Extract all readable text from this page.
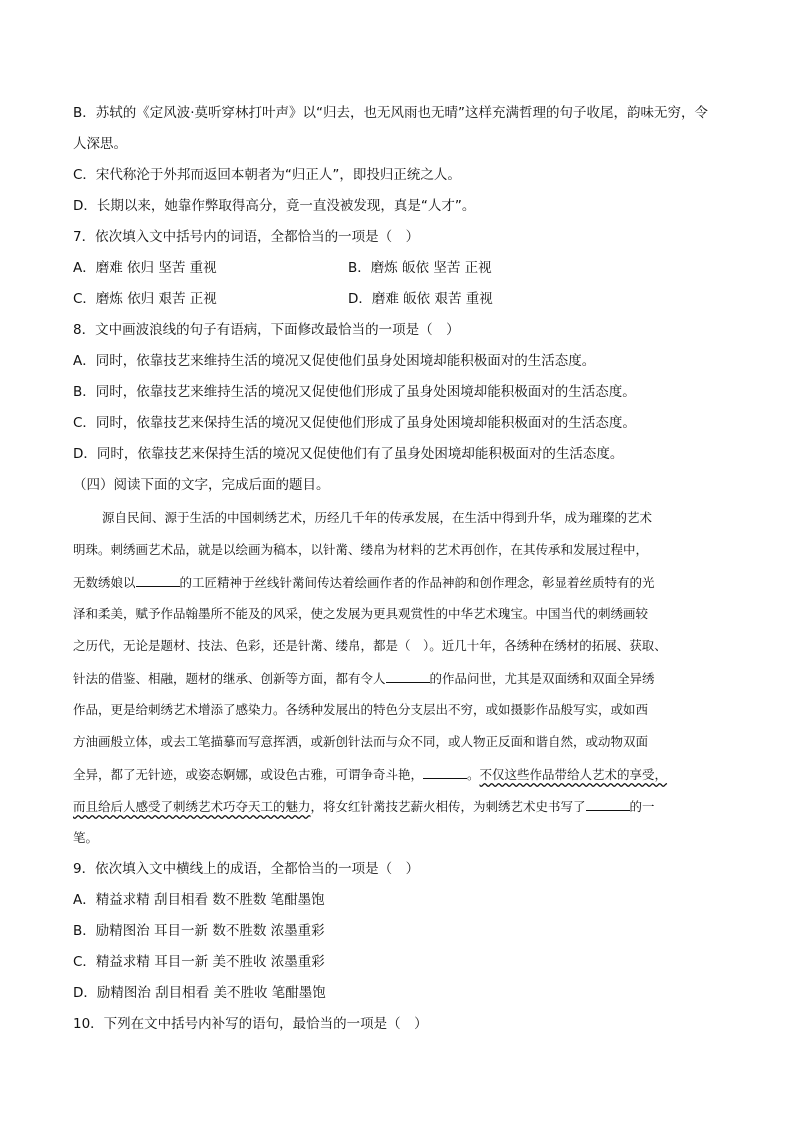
B．苏轼的《定风波·莫听穿林打叶声》以“归去，也无风雨也无晴”这样充满哲理的句子收尾，韵味无穷，令
人深思。
C．宋代称沦于外邦而返回本朝者为“归正人”，即投归正统之人。
D．长期以来，她靠作弊取得高分，竟一直没被发现，真是“人才”。
7．依次填入文中括号内的词语，全都恰当的一项是（　）
A．磨难 依归 坚苦 重视	B．磨炼 皈依 坚苦 正视
C．磨炼 依归 艰苦 正视	D．磨难 皈依 艰苦 重视
8．文中画波浪线的句子有语病，下面修改最恰当的一项是（　）
A．同时，依靠技艺来维持生活的境况又促使他们虽身处困境却能积极面对的生活态度。
B．同时，依靠技艺来维持生活的境况又促使他们形成了虽身处困境却能积极面对的生活态度。
C．同时，依靠技艺来保持生活的境况又促使他们形成了虽身处困境却能积极面对的生活态度。
D．同时，依靠技艺来保持生活的境况又促使他们有了虽身处困境却能积极面对的生活态度。
（四）阅读下面的文字，完成后面的题目。
源自民间、源于生活的中国刺绣艺术，历经几千年的传承发展，在生活中得到升华，成为璀璨的艺术
明珠。刺绣画艺术品，就是以绘画为稿本，以针黹、缕帛为材料的艺术再创作，在其传承和发展过程中，
无数绣娘以	的工匠精神于丝线针黹间传达着绘画作者的作品神韵和创作理念，彰显着丝质特有的光
泽和柔美，赋予作品翰墨所不能及的风采，使之发展为更具观赏性的中华艺术瑰宝。中国当代的刺绣画较
之历代，无论是题材、技法、色彩，还是针黹、缕帛，都是（　）。近几十年，各绣种在绣材的拓展、获取、
针法的借鉴、相融，题材的继承、创新等方面，都有令人	的作品问世，尤其是双面绣和双面全异绣
作品，更是给刺绣艺术增添了感染力。各绣种发展出的特色分支层出不穷，或如摄影作品般写实，或如西
方油画般立体，或去工笔描摹而写意挥洒，或新创针法而与众不同，或人物正反面和谐自然，或动物双面
全异，都了无针迹，或姿态婀娜，或设色古雅，可谓争奇斗艳，	。不仅这些作品带给人艺术的享受，
而且给后人感受了刺绣艺术巧夺天工的魅力，将女红针黹技艺薪火相传，为刺绣艺术史书写了	的一
笔。
9．依次填入文中横线上的成语，全都恰当的一项是（　）
A．精益求精 刮目相看 数不胜数 笔酣墨饱
B．励精图治 耳目一新 数不胜数 浓墨重彩
C．精益求精 耳目一新 美不胜收 浓墨重彩
D．励精图治 刮目相看 美不胜收 笔酣墨饱
10．下列在文中括号内补写的语句，最恰当的一项是（　）
